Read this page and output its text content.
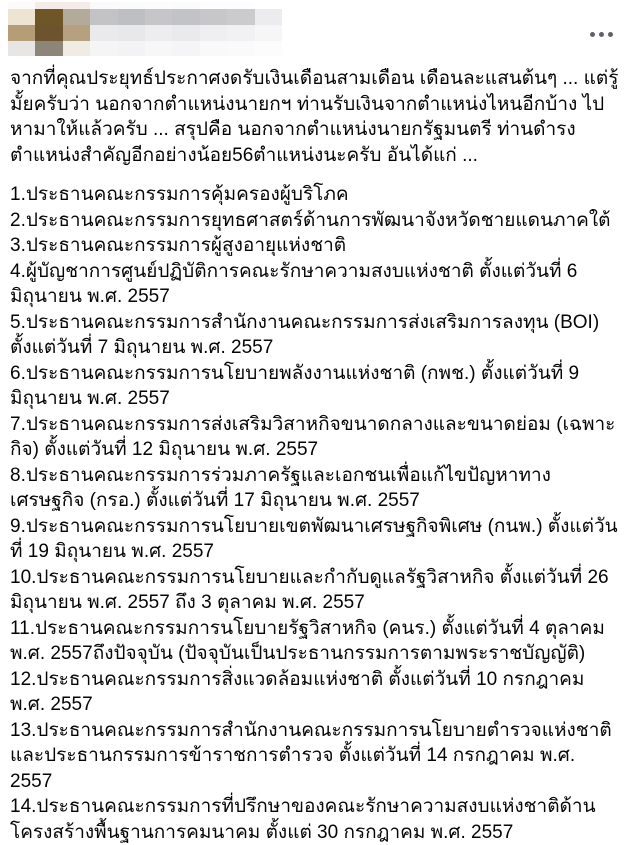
จากที่คุณประยุทธ์ประกาศงดรับเงินเดือนสามเดือน เดือนละแสนต้นๆ ... แต่รู้มั้ยครับว่า นอกจากตำแหน่งนายกฯ ท่านรับเงินจากตำแหน่งไหนอีกบ้าง ไปหามาให้แล้วครับ ... สรุปคือ นอกจากตำแหน่งนายกรัฐมนตรี ท่านดำรงตำแหน่งสำคัญอีกอย่างน้อย56ตำแหน่งนะครับ อันได้แก่ ...

1.ประธานคณะกรรมการคุ้มครองผู้บริโภค

2.ประธานคณะกรรมการยุทธศาสตร์ด้านการพัฒนาจังหวัดชายแดนภาคใต้

3.ประธานคณะกรรมการผู้สูงอายุแห่งชาติ

4.ผู้บัญชาการศูนย์ปฏิบัติการคณะรักษาความสงบแห่งชาติ ตั้งแต่วันที่ 6 มิถุนายน พ.ศ. 2557

5.ประธานคณะกรรมการสำนักงานคณะกรรมการส่งเสริมการลงทุน (BOI) ตั้งแต่วันที่ 7 มิถุนายน พ.ศ. 2557

6.ประธานคณะกรรมการนโยบายพลังงานแห่งชาติ (กพช.) ตั้งแต่วันที่ 9 มิถุนายน พ.ศ. 2557

7.ประธานคณะกรรมการส่งเสริมวิสาหกิจขนาดกลางและขนาดย่อม (เฉพาะกิจ) ตั้งแต่วันที่ 12 มิถุนายน พ.ศ. 2557

8.ประธานคณะกรรมการร่วมภาครัฐและเอกชนเพื่อแก้ไขปัญหาทางเศรษฐกิจ (กรอ.) ตั้งแต่วันที่ 17 มิถุนายน พ.ศ. 2557

9.ประธานคณะกรรมการนโยบายเขตพัฒนาเศรษฐกิจพิเศษ (กนพ.) ตั้งแต่วันที่ 19 มิถุนายน พ.ศ. 2557

10.ประธานคณะกรรมการนโยบายและกำกับดูแลรัฐวิสาหกิจ ตั้งแต่วันที่ 26 มิถุนายน พ.ศ. 2557 ถึง 3 ตุลาคม พ.ศ. 2557

11.ประธานคณะกรรมการนโยบายรัฐวิสาหกิจ (คนร.) ตั้งแต่วันที่ 4 ตุลาคม พ.ศ. 2557ถึงปัจจุบัน (ปัจจุบันเป็นประธานกรรมการตามพระราชบัญญัติ)

12.ประธานคณะกรรมการสิ่งแวดล้อมแห่งชาติ ตั้งแต่วันที่ 10 กรกฎาคม พ.ศ. 2557

13.ประธานคณะกรรมการสำนักงานคณะกรรมการนโยบายตำรวจแห่งชาติ และประธานกรรมการข้าราชการตำรวจ ตั้งแต่วันที่ 14 กรกฎาคม พ.ศ. 2557

14.ประธานคณะกรรมการที่ปรึกษาของคณะรักษาความสงบแห่งชาติด้านโครงสร้างพื้นฐานการคมนาคม ตั้งแต่ 30 กรกฎาคม พ.ศ. 2557
